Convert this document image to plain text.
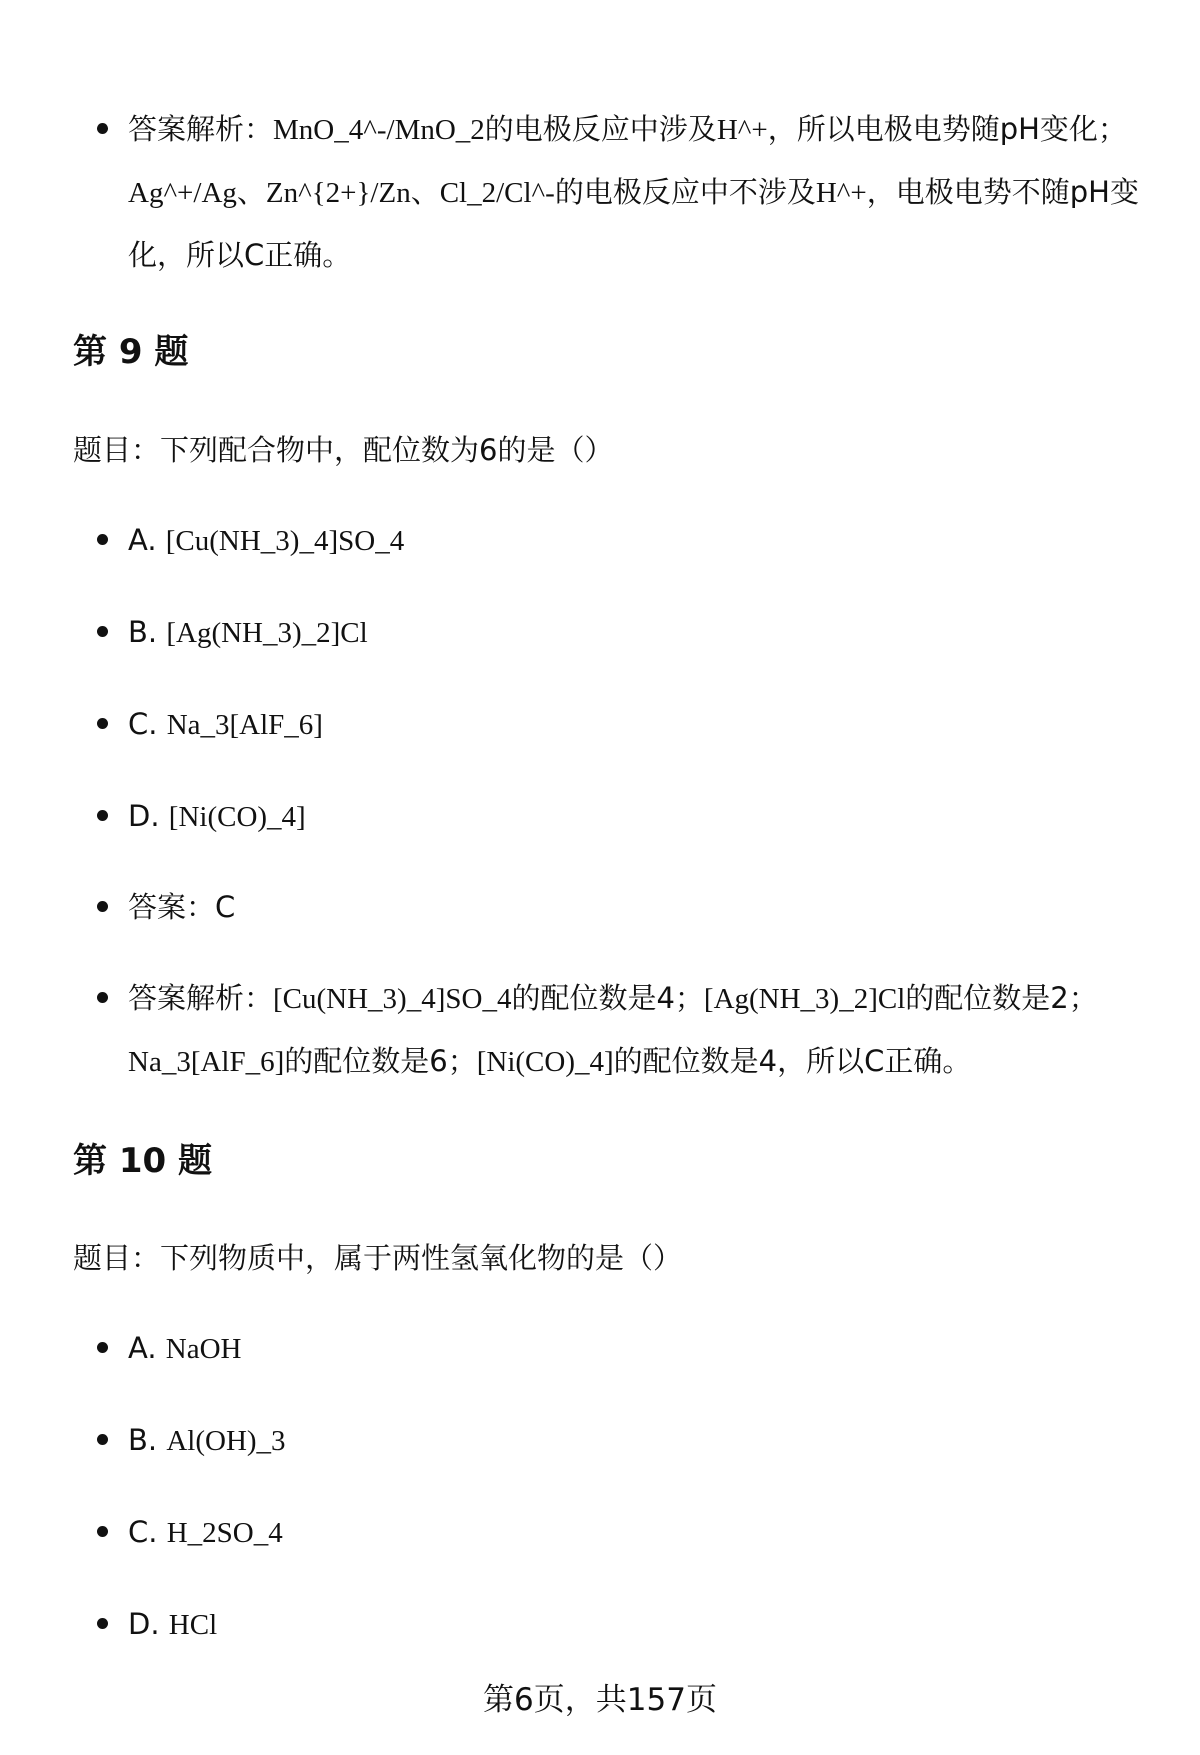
答案解析：MnO_4^-/MnO_2的电极反应中涉及H^+，所以电极电势随pH变化；Ag^+/Ag、Zn^{2+}/Zn、Cl_2/Cl^-的电极反应中不涉及H^+，电极电势不随pH变化，所以C正确。
第 9 题
题目：下列配合物中，配位数为6的是（）
A. [Cu(NH_3)_4]SO_4
B. [Ag(NH_3)_2]Cl
C. Na_3[AlF_6]
D. [Ni(CO)_4]
答案：C
答案解析：[Cu(NH_3)_4]SO_4的配位数是4；[Ag(NH_3)_2]Cl的配位数是2；Na_3[AlF_6]的配位数是6；[Ni(CO)_4]的配位数是4，所以C正确。
第 10 题
题目：下列物质中，属于两性氢氧化物的是（）
A. NaOH
B. Al(OH)_3
C. H_2SO_4
D. HCl
第6页，共157页
